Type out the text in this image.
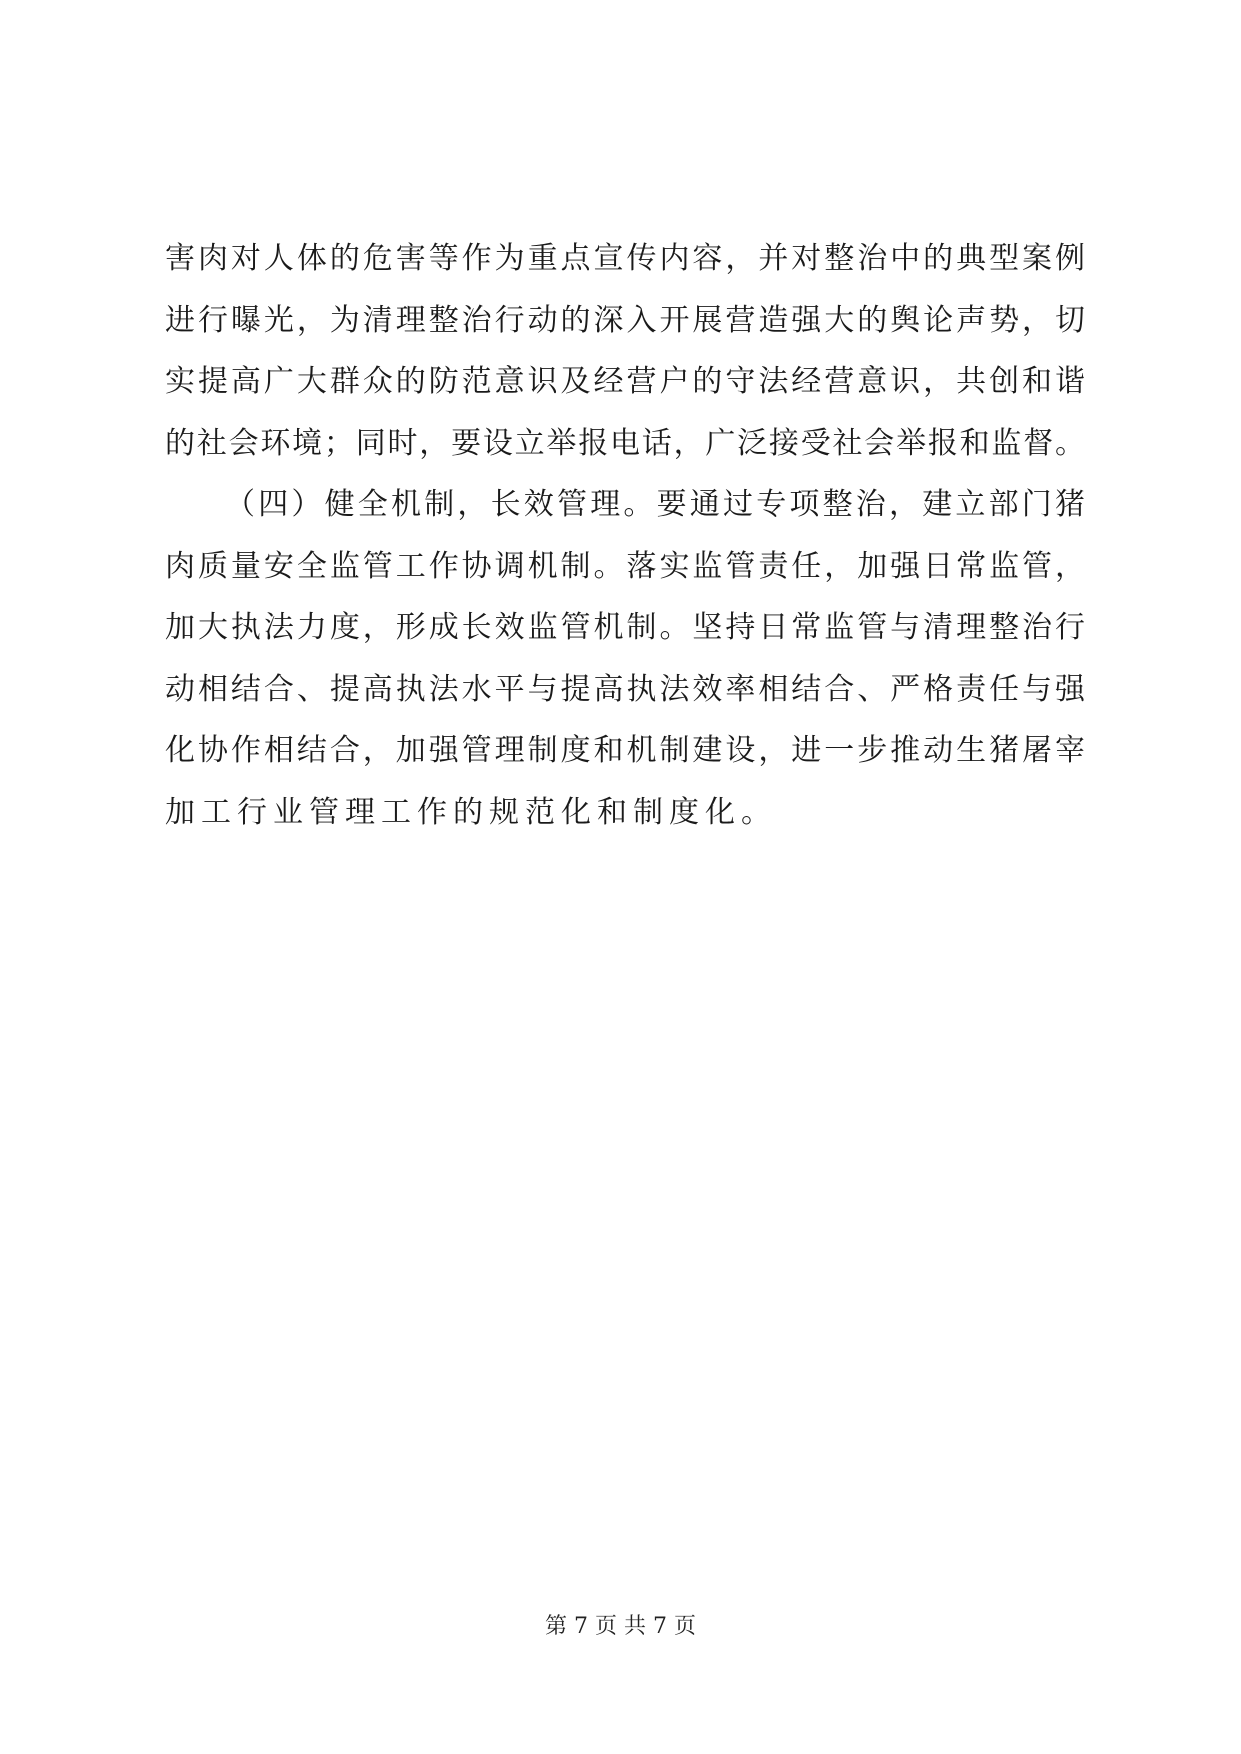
害肉对人体的危害等作为重点宣传内容，并对整治中的典型案例
进行曝光，为清理整治行动的深入开展营造强大的舆论声势，切
实提高广大群众的防范意识及经营户的守法经营意识，共创和谐
的社会环境；同时，要设立举报电话，广泛接受社会举报和监督。
（四）健全机制，长效管理。要通过专项整治，建立部门猪
肉质量安全监管工作协调机制。落实监管责任，加强日常监管，
加大执法力度，形成长效监管机制。坚持日常监管与清理整治行
动相结合、提高执法水平与提高执法效率相结合、严格责任与强
化协作相结合，加强管理制度和机制建设，进一步推动生猪屠宰
加工行业管理工作的规范化和制度化。
第 7 页 共 7 页
